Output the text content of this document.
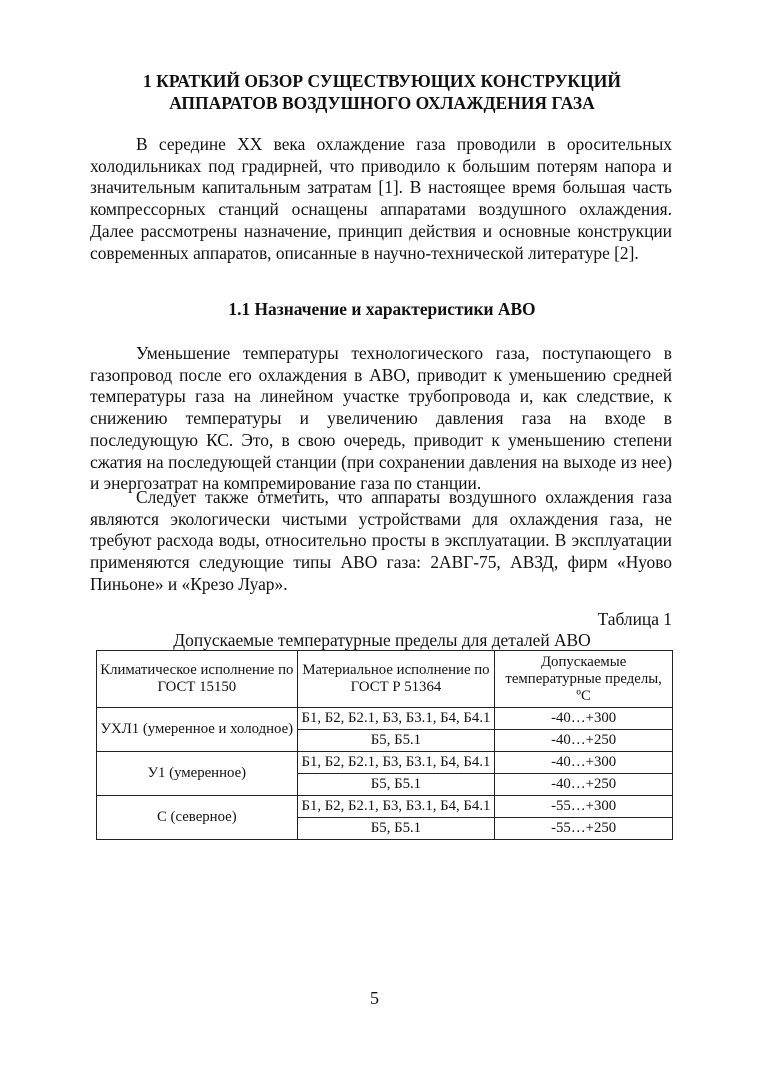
1 КРАТКИЙ ОБЗОР СУЩЕСТВУЮЩИХ КОНСТРУКЦИЙ
АППАРАТОВ ВОЗДУШНОГО ОХЛАЖДЕНИЯ ГАЗА

В середине XX века охлаждение газа проводили в оросительных холодильниках под градирней, что приводило к большим потерям напора и значительным капитальным затратам [1]. В настоящее время большая часть компрессорных станций оснащены аппаратами воздушного охлаждения. Далее рассмотрены назначение, принцип действия и основные конструкции современных аппаратов, описанные в научно-технической литературе [2].

1.1 Назначение и характеристики АВО

Уменьшение температуры технологического газа, поступающего в газопровод после его охлаждения в АВО, приводит к уменьшению средней температуры газа на линейном участке трубопровода и, как следствие, к снижению температуры и увеличению давления газа на входе в последующую КС. Это, в свою очередь, приводит к уменьшению степени сжатия на последующей станции (при сохранении давления на выходе из нее) и энергозатрат на компремирование газа по станции.

Следует также отметить, что аппараты воздушного охлаждения газа являются экологически чистыми устройствами для охлаждения газа, не требуют расхода воды, относительно просты в эксплуатации. В эксплуатации применяются следующие типы АВО газа: 2АВГ-75, АВЗД, фирм «Нуово Пиньоне» и «Крезо Луар».

Таблица 1
Допускаемые температурные пределы для деталей АВО
Климатическое исполнение по ГОСТ 15150	Материальное исполнение по ГОСТ Р 51364	Допускаемые температурные пределы, ºС
УХЛ1 (умеренное и холодное)	Б1, Б2, Б2.1, Б3, Б3.1, Б4, Б4.1	-40…+300
	Б5, Б5.1	-40…+250
У1 (умеренное)	Б1, Б2, Б2.1, Б3, Б3.1, Б4, Б4.1	-40…+300
	Б5, Б5.1	-40…+250
С (северное)	Б1, Б2, Б2.1, Б3, Б3.1, Б4, Б4.1	-55…+300
	Б5, Б5.1	-55…+250
5
